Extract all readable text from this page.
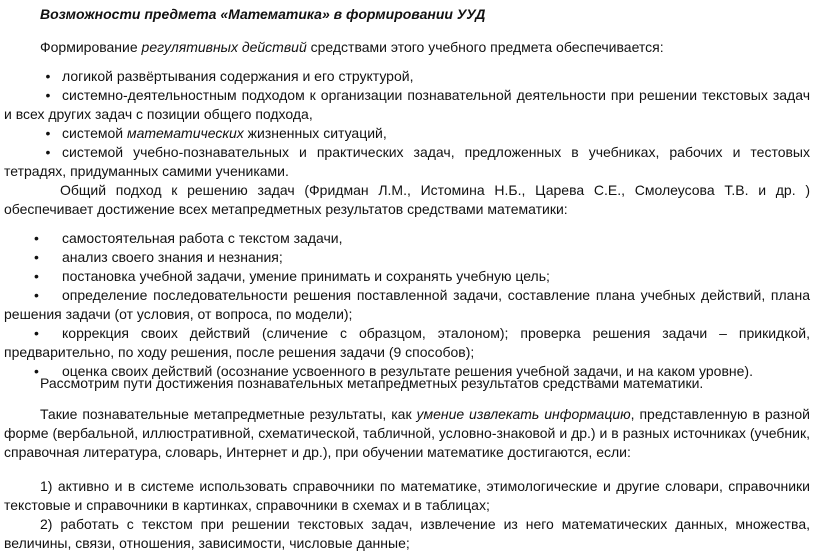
Возможности предмета «Математика» в формировании УУД
Формирование регулятивных действий средствами этого учебного предмета обеспечивается:
• логикой развёртывания содержания и его структурой,
• системно-деятельностным подходом к организации познавательной деятельности при решении текстовых задач и всех других задач с позиции общего подхода,
• системой математических жизненных ситуаций,
• системой учебно-познавательных и практических задач, предложенных в учебниках, рабочих и тестовых тетрадях, придуманных самими учениками.
Общий подход к решению задач (Фридман Л.М., Истомина Н.Б., Царева С.Е., Смолеусова Т.В. и др. ) обеспечивает достижение всех метапредметных результатов средствами математики:
•	самостоятельная работа с текстом задачи,
•	анализ своего знания и незнания;
•	постановка учебной задачи, умение принимать и сохранять учебную цель;
•	определение последовательности решения поставленной задачи, составление плана учебных действий, плана решения задачи (от условия, от вопроса, по модели);
•	коррекция своих действий (сличение с образцом, эталоном); проверка решения задачи – прикидкой, предварительно, по ходу решения, после решения задачи (9 способов);
•	оценка своих действий (осознание усвоенного в результате решения учебной задачи, и на каком уровне).
Рассмотрим пути достижения познавательных метапредметных результатов средствами математики.
Такие познавательные метапредметные результаты, как умение извлекать информацию, представленную в разной форме (вербальной, иллюстративной, схематической, табличной, условно-знаковой и др.) и в разных источниках (учебник, справочная литература, словарь, Интернет и др.), при обучении математике достигаются, если:
1) активно и в системе использовать справочники по математике, этимологические и другие словари, справочники текстовые и справочники в картинках, справочники в схемах и в таблицах;
2) работать с текстом при решении текстовых задач, извлечение из него математических данных, множества, величины, связи, отношения, зависимости, числовые данные;
